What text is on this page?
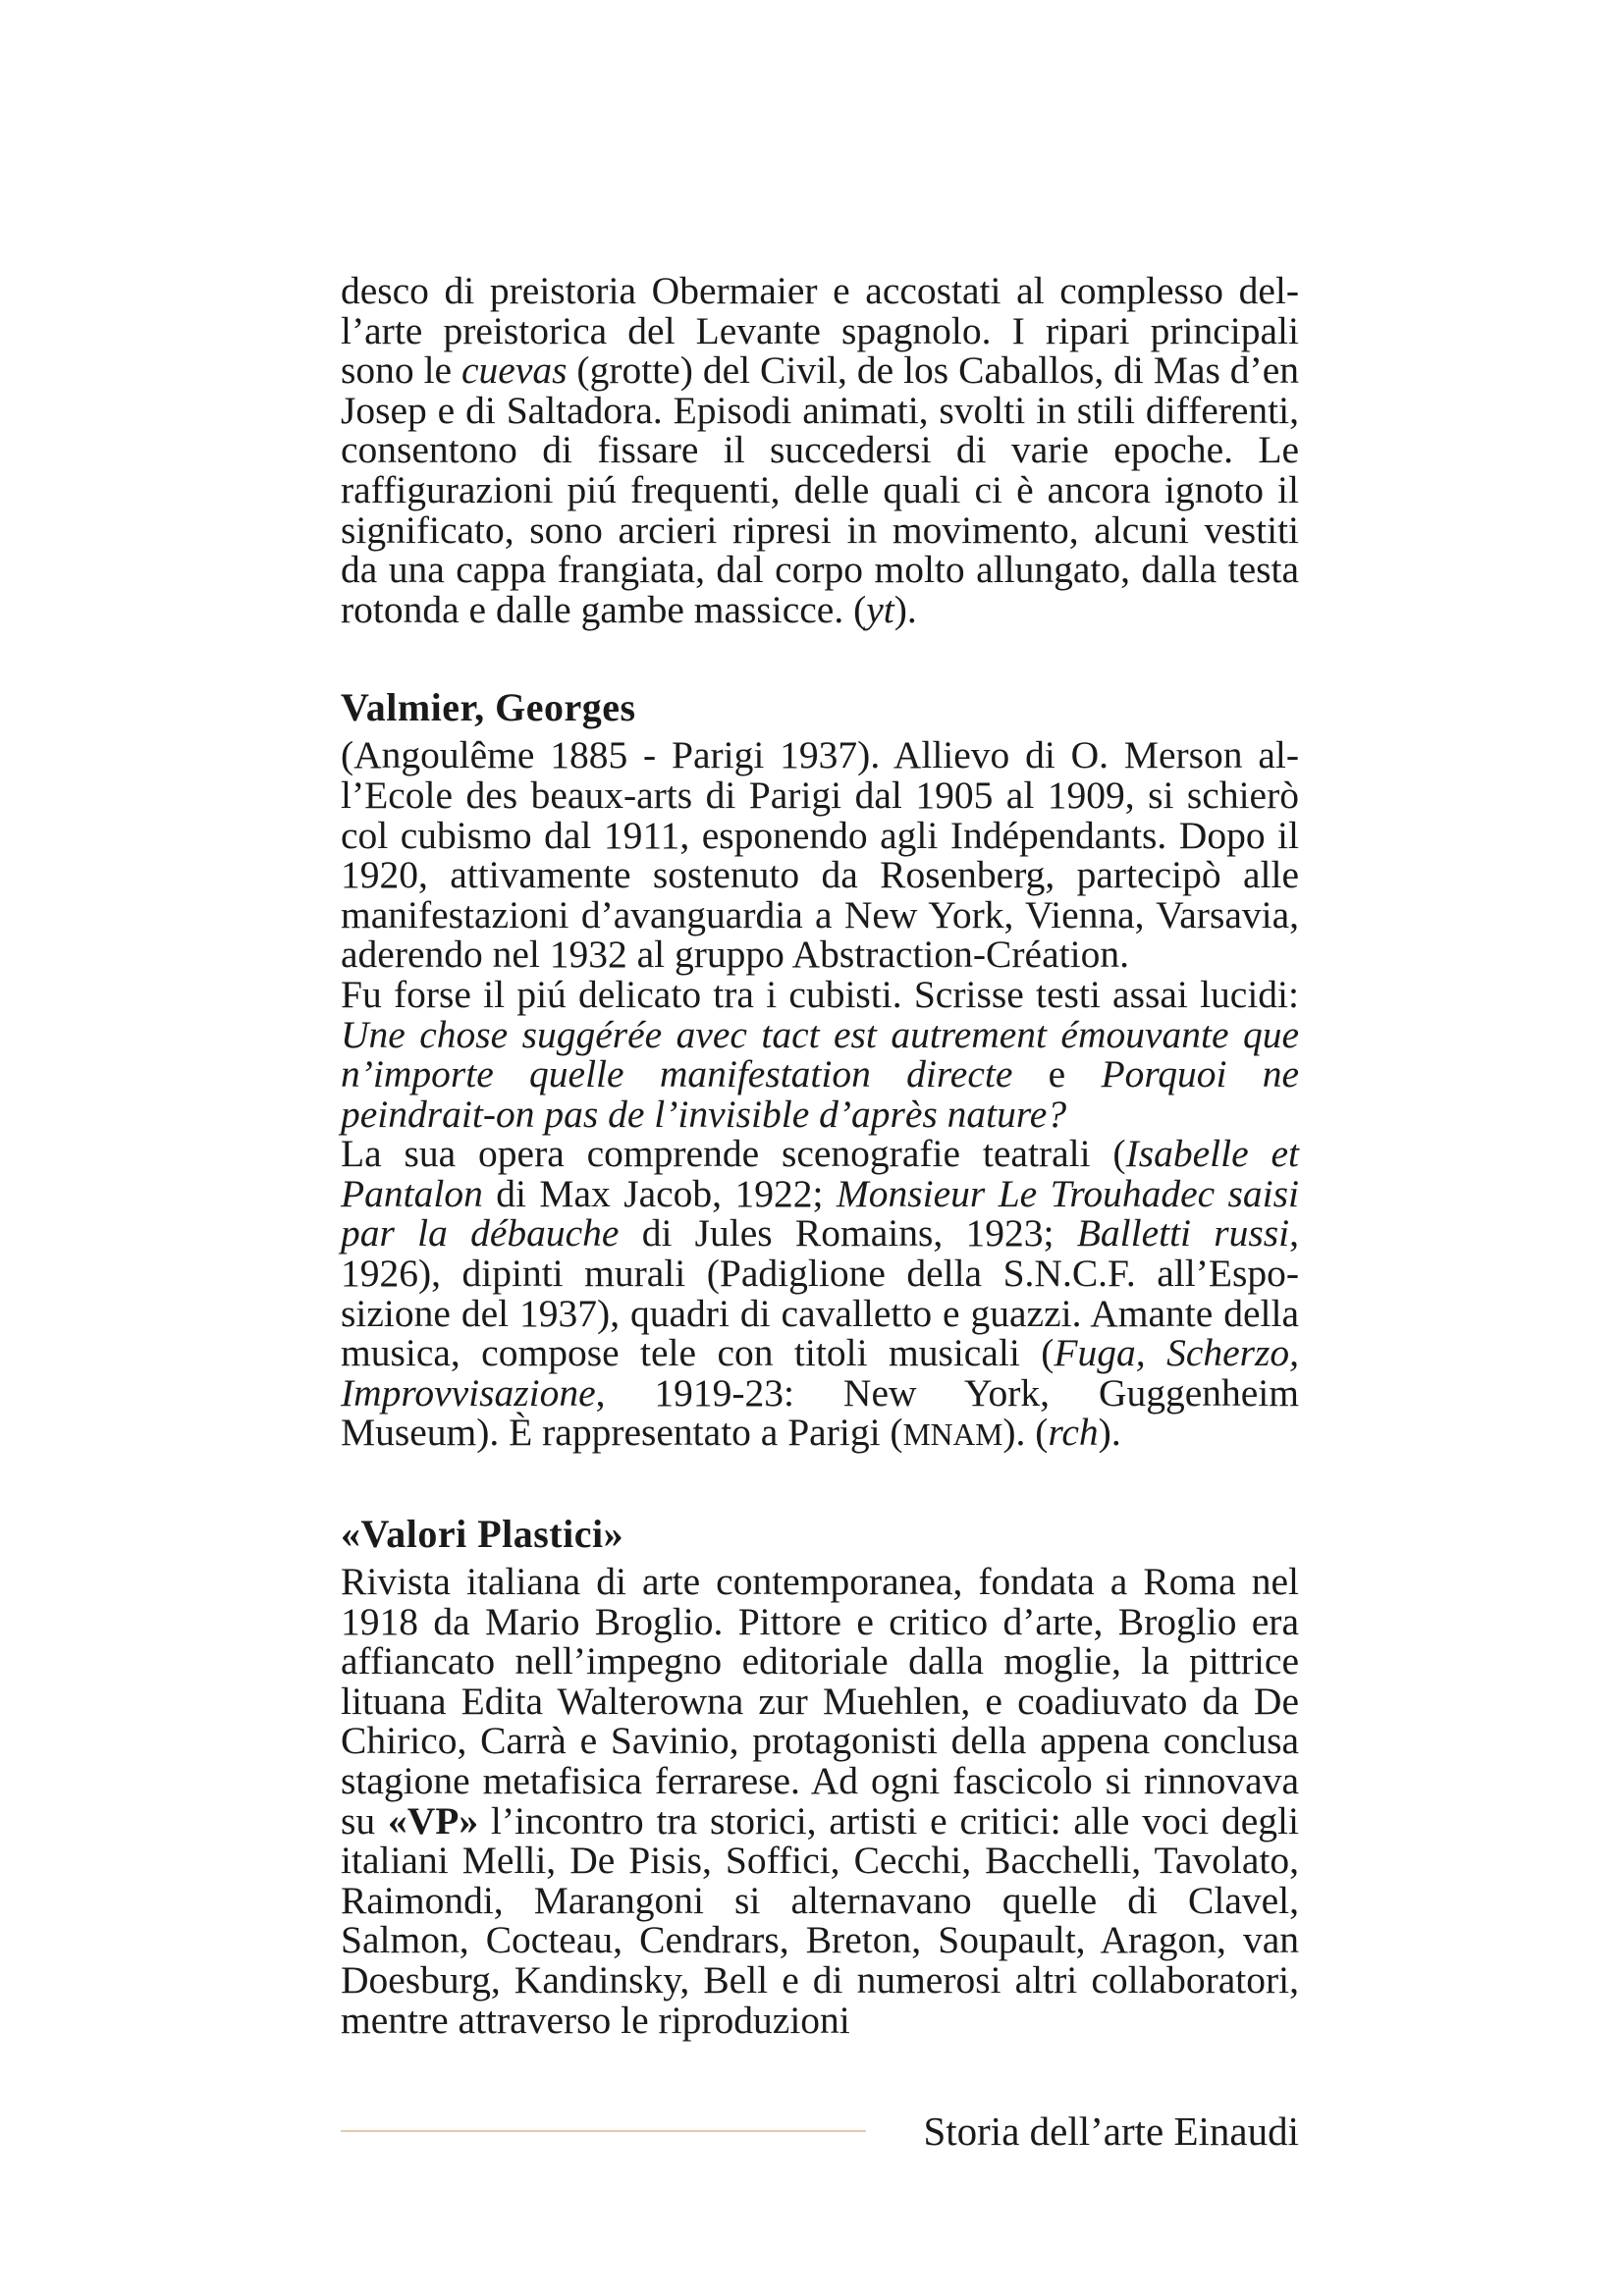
desco di preistoria Obermaier e accostati al complesso dell’arte preistorica del Levante spagnolo. I ripari principali sono le cuevas (grotte) del Civil, de los Caballos, di Mas d’en Josep e di Saltadora. Episodi animati, svolti in stili differenti, consentono di fissare il succedersi di varie epoche. Le raffigurazioni piú frequenti, delle quali ci è ancora ignoto il significato, sono arcieri ripresi in movimento, alcuni vestiti da una cappa frangiata, dal corpo molto allungato, dalla testa rotonda e dalle gambe massicce. (yt).

Valmier, Georges

(Angoulême 1885 - Parigi 1937). Allievo di O. Merson all’Ecole des beaux-arts di Parigi dal 1905 al 1909, si schierò col cubismo dal 1911, esponendo agli Indépendants. Dopo il 1920, attivamente sostenuto da Rosenberg, partecipò alle manifestazioni d’avanguardia a New York, Vienna, Varsavia, aderendo nel 1932 al gruppo Abstraction-Création.

Fu forse il piú delicato tra i cubisti. Scrisse testi assai lucidi: Une chose suggérée avec tact est autrement émouvante que n’importe quelle manifestation directe e Porquoi ne peindrait-on pas de l’invisible d’après nature?

La sua opera comprende scenografie teatrali (Isabelle et Pantalon di Max Jacob, 1922; Monsieur Le Trouhadec saisi par la débauche di Jules Romains, 1923; Balletti russi, 1926), dipinti murali (Padiglione della S.N.C.F. all’Esposizione del 1937), quadri di cavalletto e guazzi. Amante della musica, compose tele con titoli musicali (Fuga, Scherzo, Improvvisazione, 1919-23: New York, Guggenheim Museum). È rappresentato a Parigi (MNAM). (rch).

«Valori Plastici»

Rivista italiana di arte contemporanea, fondata a Roma nel 1918 da Mario Broglio. Pittore e critico d’arte, Broglio era affiancato nell’impegno editoriale dalla moglie, la pittrice lituana Edita Walterowna zur Muehlen, e coadiuvato da De Chirico, Carrà e Savinio, protagonisti della appena conclusa stagione metafisica ferrarese. Ad ogni fascicolo si rinnovava su «VP» l’incontro tra storici, artisti e critici: alle voci degli italiani Melli, De Pisis, Soffici, Cecchi, Bacchelli, Tavolato, Raimondi, Marangoni si alternavano quelle di Clavel, Salmon, Cocteau, Cendrars, Breton, Soupault, Aragon, van Doesburg, Kandinsky, Bell e di numerosi altri collaboratori, mentre attraverso le riproduzioni

Storia dell’arte Einaudi
